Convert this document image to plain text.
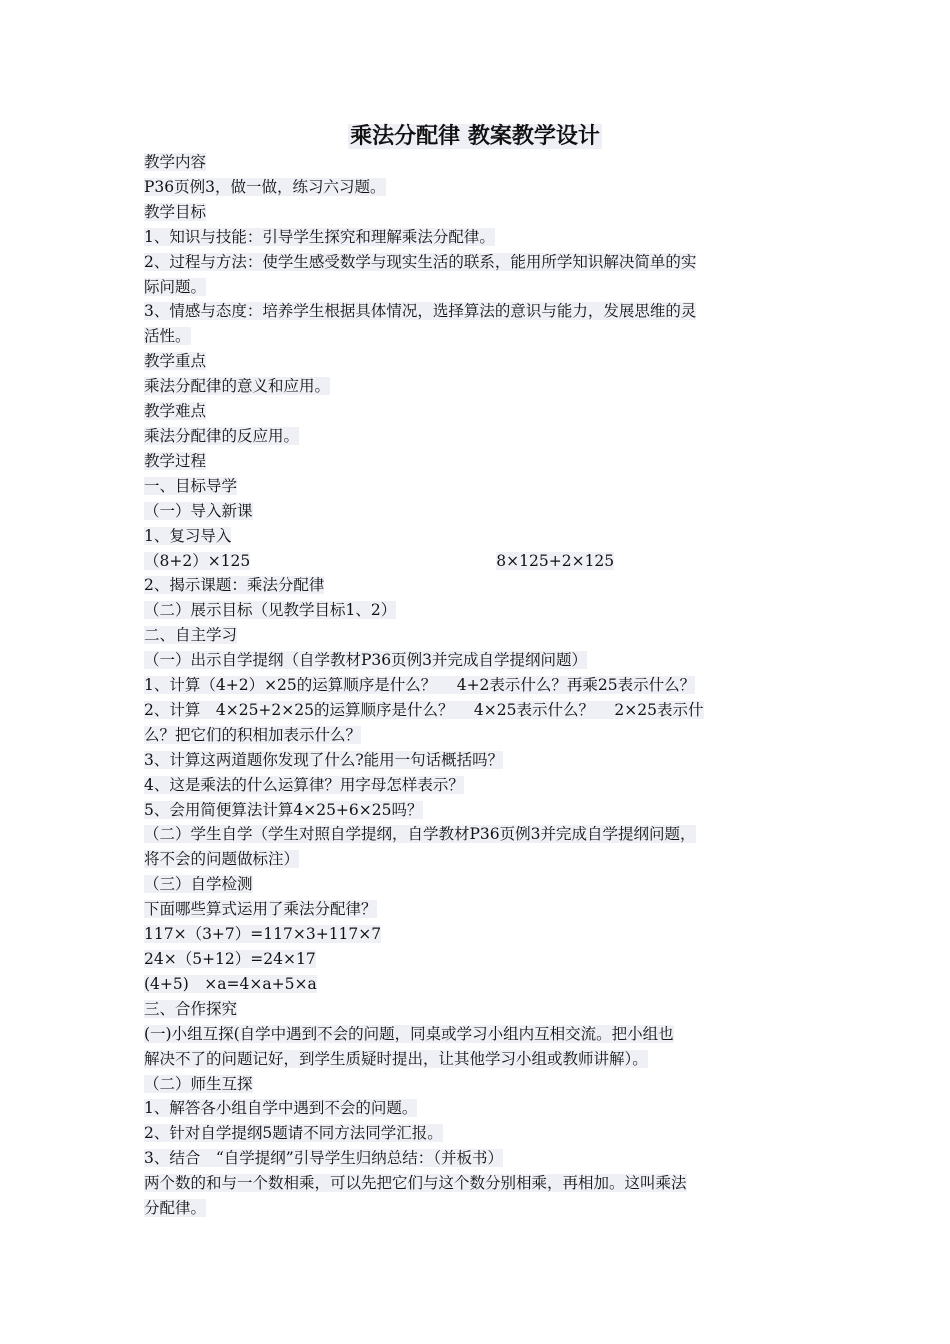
乘法分配律 教案教学设计

教学内容

P36页例3，做一做，练习六习题。

教学目标

1、知识与技能：引导学生探究和理解乘法分配律。

2、过程与方法：使学生感受数学与现实生活的联系，能用所学知识解决简单的实

际问题。

3、情感与态度：培养学生根据具体情况，选择算法的意识与能力，发展思维的灵

活性。

教学重点

乘法分配律的意义和应用。

教学难点

乘法分配律的反应用。

教学过程

一、目标导学

（一）导入新课

1、复习导入

（8+2）×125	8×125+2×125

2、揭示课题：乘法分配律

（二）展示目标（见教学目标1、2）

二、自主学习

（一）出示自学提纲（自学教材P36页例3并完成自学提纲问题）

1、计算（4+2）×25的运算顺序是什么？　 4+2表示什么？再乘25表示什么？

2、计算　4×25+2×25的运算顺序是什么？　 4×25表示什么？　 2×25表示什

么？把它们的积相加表示什么？

3、计算这两道题你发现了什么?能用一句话概括吗？

4、这是乘法的什么运算律？用字母怎样表示？

5、会用简便算法计算4×25+6×25吗？

（二）学生自学（学生对照自学提纲，自学教材P36页例3并完成自学提纲问题，

将不会的问题做标注）

（三）自学检测

下面哪些算式运用了乘法分配律？

117×（3+7）=117×3+117×7

24×（5+12）=24×17

(4+5)　×a=4×a+5×a

三、合作探究

(一)小组互探(自学中遇到不会的问题，同桌或学习小组内互相交流。把小组也

解决不了的问题记好，到学生质疑时提出，让其他学习小组或教师讲解）。

（二）师生互探

1、解答各小组自学中遇到不会的问题。

2、针对自学提纲5题请不同方法同学汇报。

3、结合　“自学提纲”引导学生归纳总结：（并板书）

两个数的和与一个数相乘，可以先把它们与这个数分别相乘，再相加。这叫乘法

分配律。
